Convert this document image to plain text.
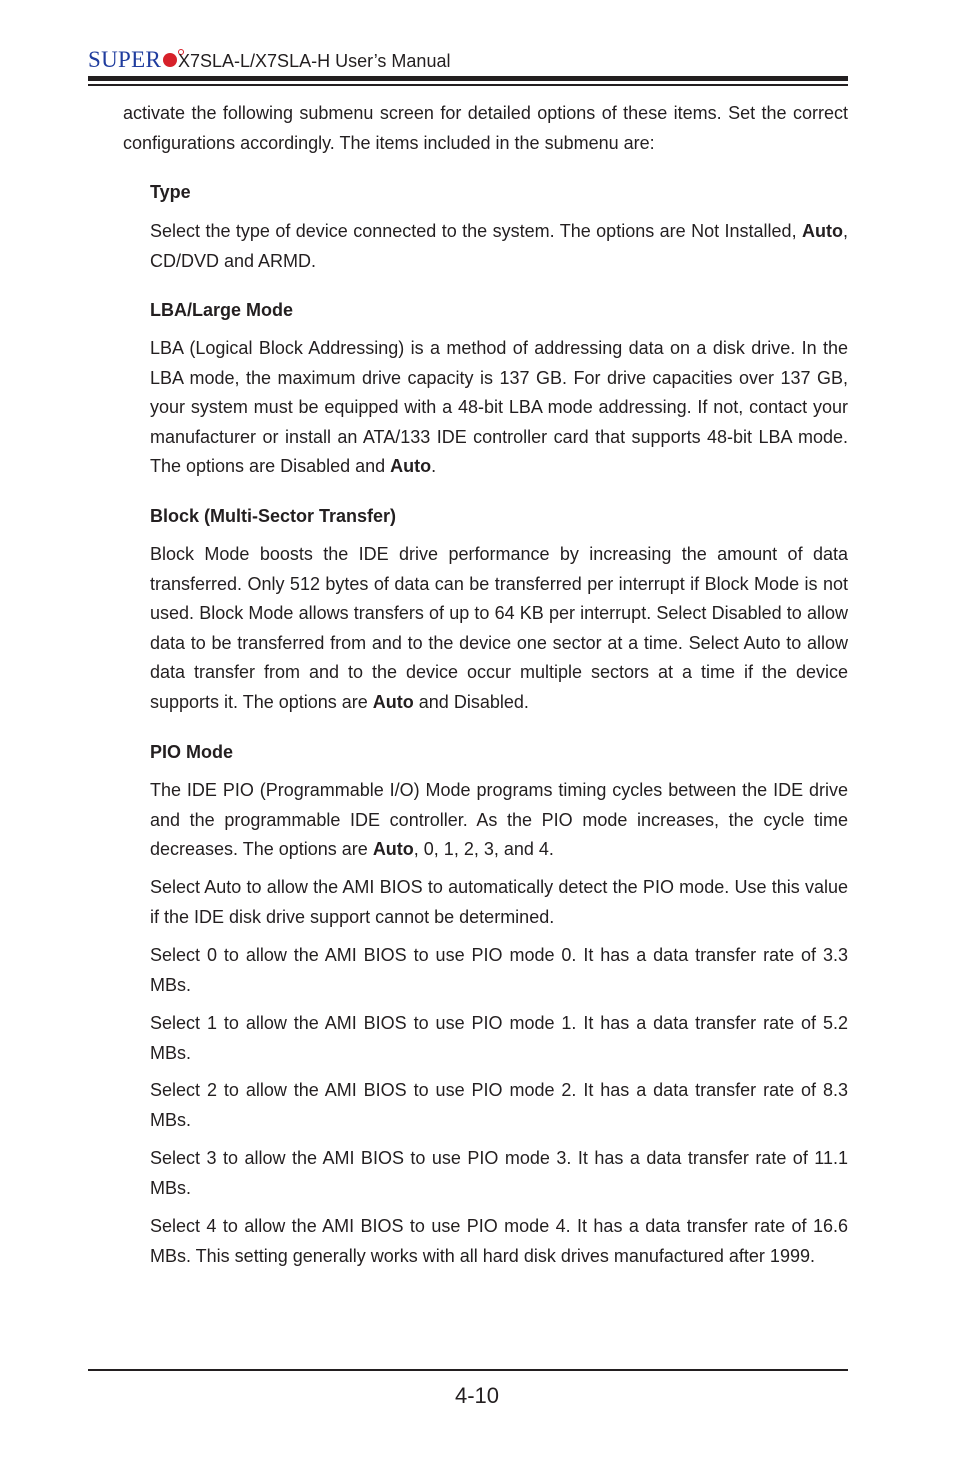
SUPER X7SLA-L/X7SLA-H User’s Manual

activate the following submenu screen for detailed options of these items. Set the correct configurations accordingly. The items included in the submenu are:

Type

Select the type of device connected to the system. The options are Not Installed, Auto, CD/DVD and ARMD.

LBA/Large Mode

LBA (Logical Block Addressing) is a method of addressing data on a disk drive. In the LBA mode, the maximum drive capacity is 137 GB. For drive capacities over 137 GB, your system must be equipped with a 48-bit LBA mode addressing. If not, contact your manufacturer or install an ATA/133 IDE controller card that supports 48-bit LBA mode. The options are Disabled and Auto.

Block (Multi-Sector Transfer)

Block Mode boosts the IDE drive performance by increasing the amount of data transferred. Only 512 bytes of data can be transferred per interrupt if Block Mode is not used. Block Mode allows transfers of up to 64 KB per interrupt. Select Disabled to allow data to be transferred from and to the device one sector at a time. Select Auto to allow data transfer from and to the device occur multiple sectors at a time if the device supports it. The options are Auto and Disabled.

PIO Mode

The IDE PIO (Programmable I/O) Mode programs timing cycles between the IDE drive and the programmable IDE controller. As the PIO mode increases, the cycle time decreases. The options are Auto, 0, 1, 2, 3, and 4.

Select Auto to allow the AMI BIOS to automatically detect the PIO mode. Use this value if the IDE disk drive support cannot be determined.

Select 0 to allow the AMI BIOS to use PIO mode 0. It has a data transfer rate of 3.3 MBs.

Select 1 to allow the AMI BIOS to use PIO mode 1. It has a data transfer rate of 5.2 MBs.

Select 2 to allow the AMI BIOS to use PIO mode 2. It has a data transfer rate of 8.3 MBs.

Select 3 to allow the AMI BIOS to use PIO mode 3. It has a data transfer rate of 11.1 MBs.

Select 4 to allow the AMI BIOS to use PIO mode 4. It has a data transfer rate of 16.6 MBs. This setting generally works with all hard disk drives manufactured after 1999.

4-10
